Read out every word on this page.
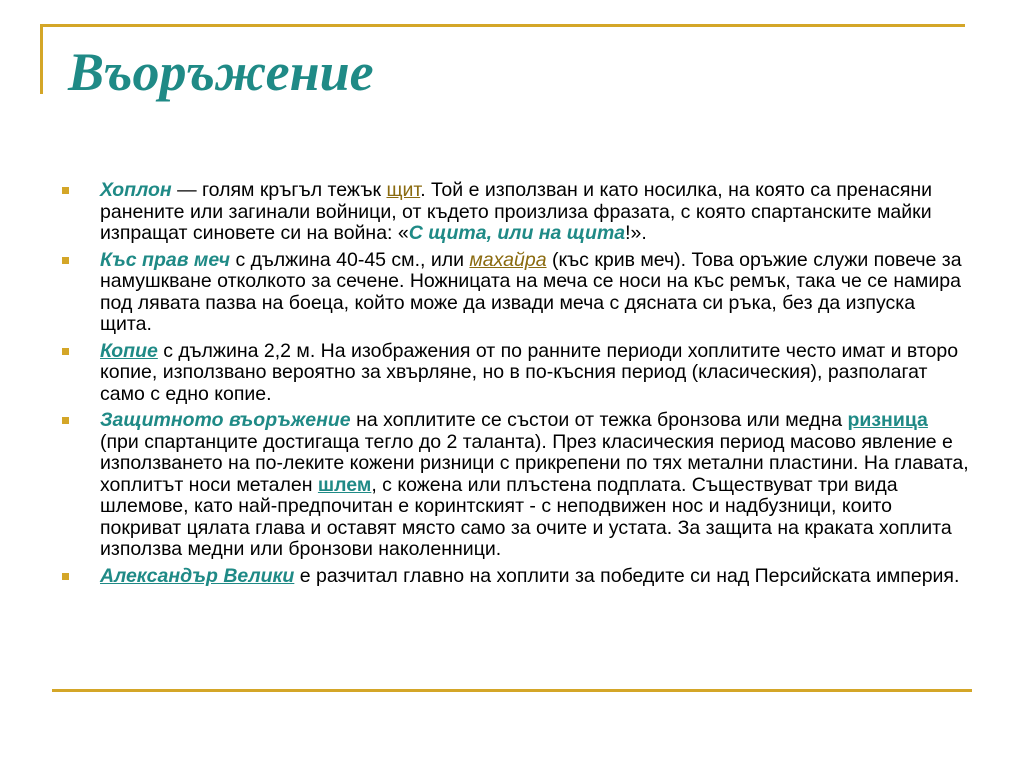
Въоръжение
Хоплон — голям кръгъл тежък щит. Той е използван и като носилка, на която са пренасяни ранените или загинали войници, от където произлиза фразата, с която спартанските майки изпращат синовете си на война: «С щита, или на щита!».
Къс прав меч с дължина 40-45 см., или махайра (къс крив меч). Това оръжие служи повече за намушкване отколкото за сечене. Ножницата на меча се носи на къс ремък, така че се намира под лявата пазва на боеца, който може да извади меча с дясната си ръка, без да изпуска щита.
Копие с дължина 2,2 м. На изображения от по ранните периоди хоплитите често имат и второ копие, използвано вероятно за хвърляне, но в по-късния период (класическия), разполагат само с едно копие.
Защитното въоръжение на хоплитите се състои от тежка бронзова или медна ризница (при спартанците достигаща тегло до 2 таланта). През класическия период масово явление е използването на по-леките кожени ризници с прикрепени по тях метални пластини. На главата, хоплитът носи метален шлем, с кожена или плъстена подплата. Съществуват три вида шлемове, като най-предпочитан е коринтският - с неподвижен нос и надбузници, които покриват цялата глава и оставят място само за очите и устата. За защита на краката хоплита използва медни или бронзови наколенници.
Александър Велики е разчитал главно на хоплити за победите си над Персийската империя.
